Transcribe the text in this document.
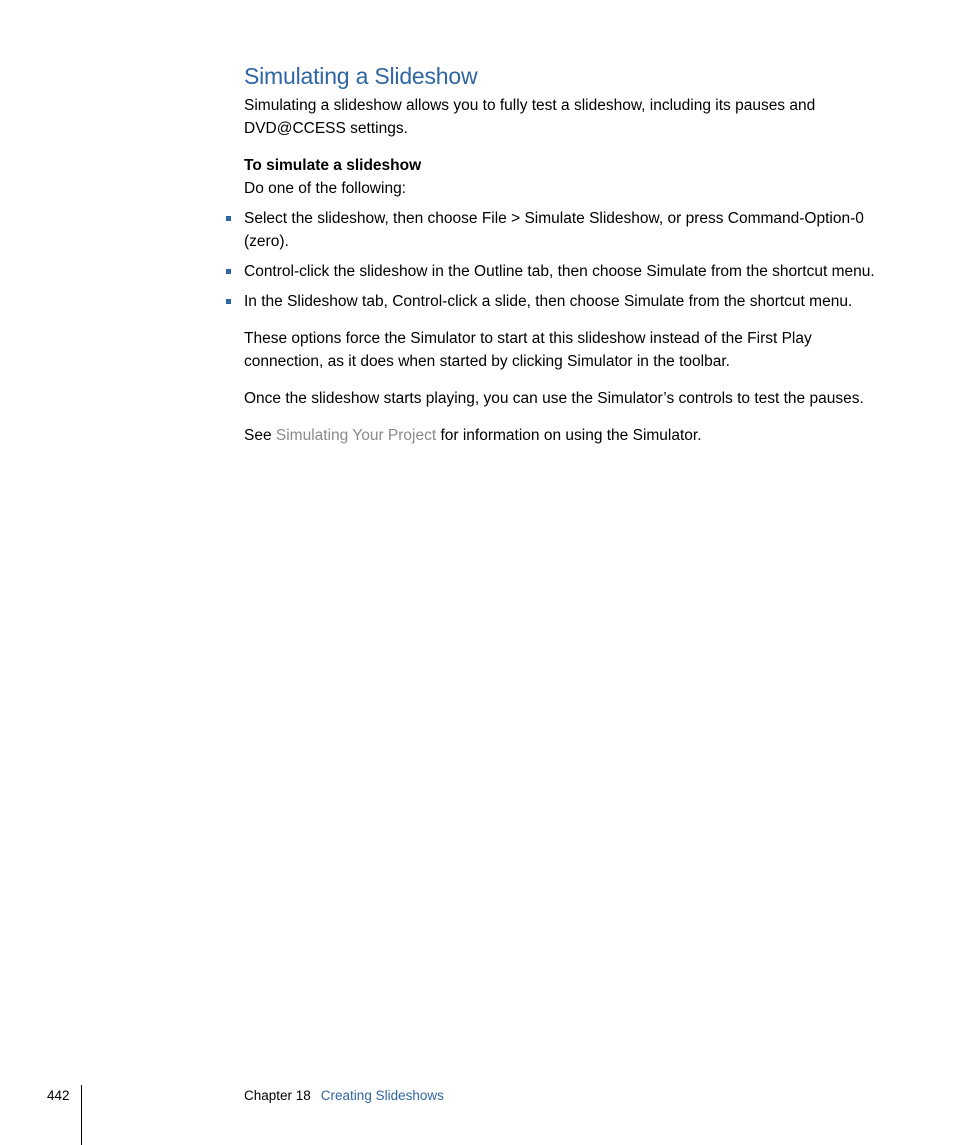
Simulating a Slideshow

Simulating a slideshow allows you to fully test a slideshow, including its pauses and DVD@CCESS settings.

To simulate a slideshow

Do one of the following:

Select the slideshow, then choose File > Simulate Slideshow, or press Command-Option-0 (zero).
Control-click the slideshow in the Outline tab, then choose Simulate from the shortcut menu.
In the Slideshow tab, Control-click a slide, then choose Simulate from the shortcut menu.

These options force the Simulator to start at this slideshow instead of the First Play connection, as it does when started by clicking Simulator in the toolbar.

Once the slideshow starts playing, you can use the Simulator’s controls to test the pauses.

See Simulating Your Project for information on using the Simulator.

442	Chapter 18 Creating Slideshows
